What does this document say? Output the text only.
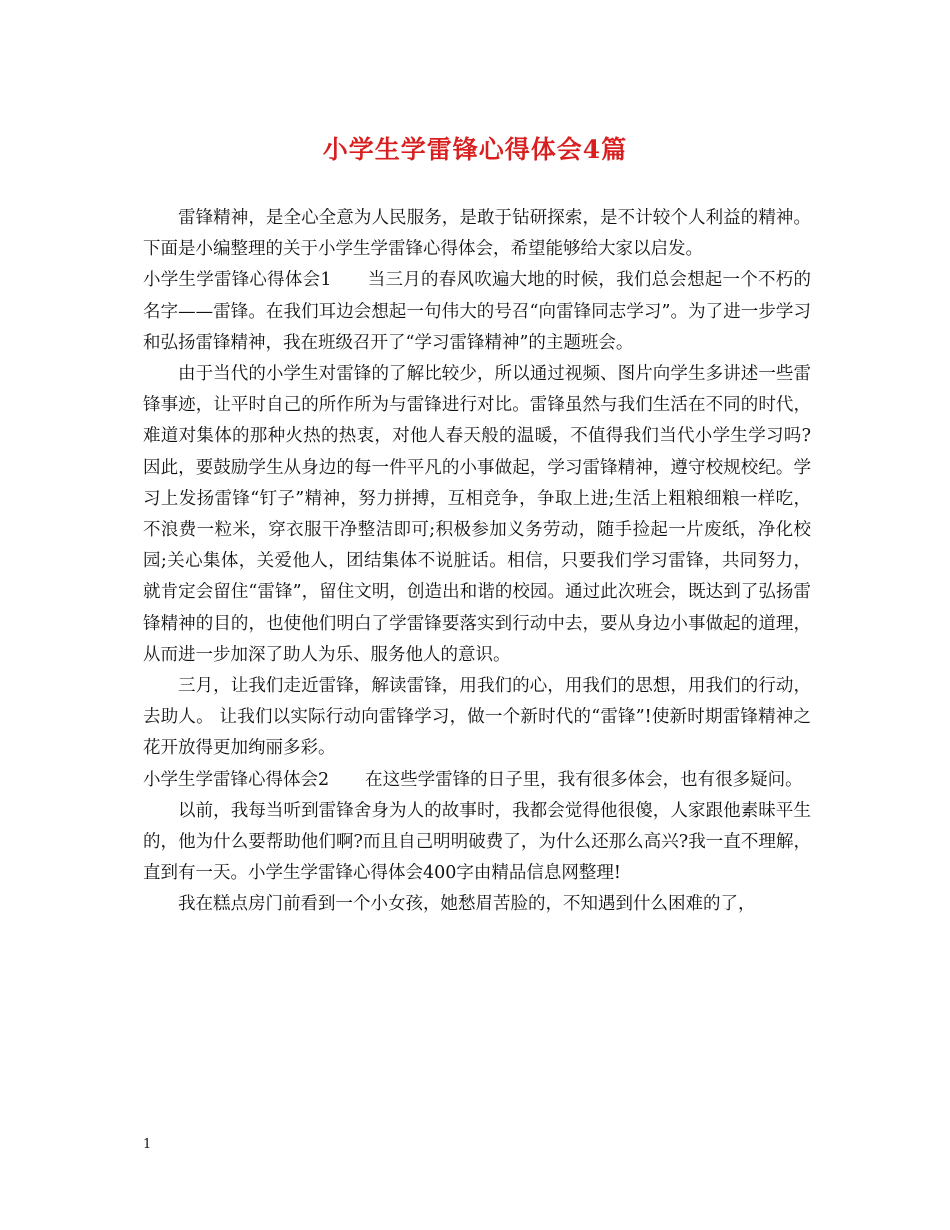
小学生学雷锋心得体会4篇

雷锋精神，是全心全意为人民服务，是敢于钻研探索，是不计较个人利益的精神。下面是小编整理的关于小学生学雷锋心得体会，希望能够给大家以启发。

小学生学雷锋心得体会1 当三月的春风吹遍大地的时候，我们总会想起一个不朽的名字——雷锋。在我们耳边会想起一句伟大的号召“向雷锋同志学习”。为了进一步学习和弘扬雷锋精神，我在班级召开了“学习雷锋精神”的主题班会。

由于当代的小学生对雷锋的了解比较少，所以通过视频、图片向学生多讲述一些雷锋事迹，让平时自己的所作所为与雷锋进行对比。雷锋虽然与我们生活在不同的时代，难道对集体的那种火热的热衷，对他人春天般的温暖，不值得我们当代小学生学习吗?因此，要鼓励学生从身边的每一件平凡的小事做起，学习雷锋精神，遵守校规校纪。学习上发扬雷锋“钉子”精神，努力拼搏，互相竞争，争取上进;生活上粗粮细粮一样吃，不浪费一粒米，穿衣服干净整洁即可;积极参加义务劳动，随手捡起一片废纸，净化校园;关心集体，关爱他人，团结集体不说脏话。相信，只要我们学习雷锋，共同努力，就肯定会留住“雷锋”，留住文明，创造出和谐的校园。通过此次班会，既达到了弘扬雷锋精神的目的，也使他们明白了学雷锋要落实到行动中去，要从身边小事做起的道理，从而进一步加深了助人为乐、服务他人的意识。

三月，让我们走近雷锋，解读雷锋，用我们的心，用我们的思想，用我们的行动，去助人。 让我们以实际行动向雷锋学习，做一个新时代的“雷锋”!使新时期雷锋精神之花开放得更加绚丽多彩。

小学生学雷锋心得体会2 在这些学雷锋的日子里，我有很多体会，也有很多疑问。

以前，我每当听到雷锋舍身为人的故事时，我都会觉得他很傻，人家跟他素昧平生的，他为什么要帮助他们啊?而且自己明明破费了，为什么还那么高兴?我一直不理解，直到有一天。小学生学雷锋心得体会400字由精品信息网整理!

我在糕点房门前看到一个小女孩，她愁眉苦脸的，不知遇到什么困难的了，

1
